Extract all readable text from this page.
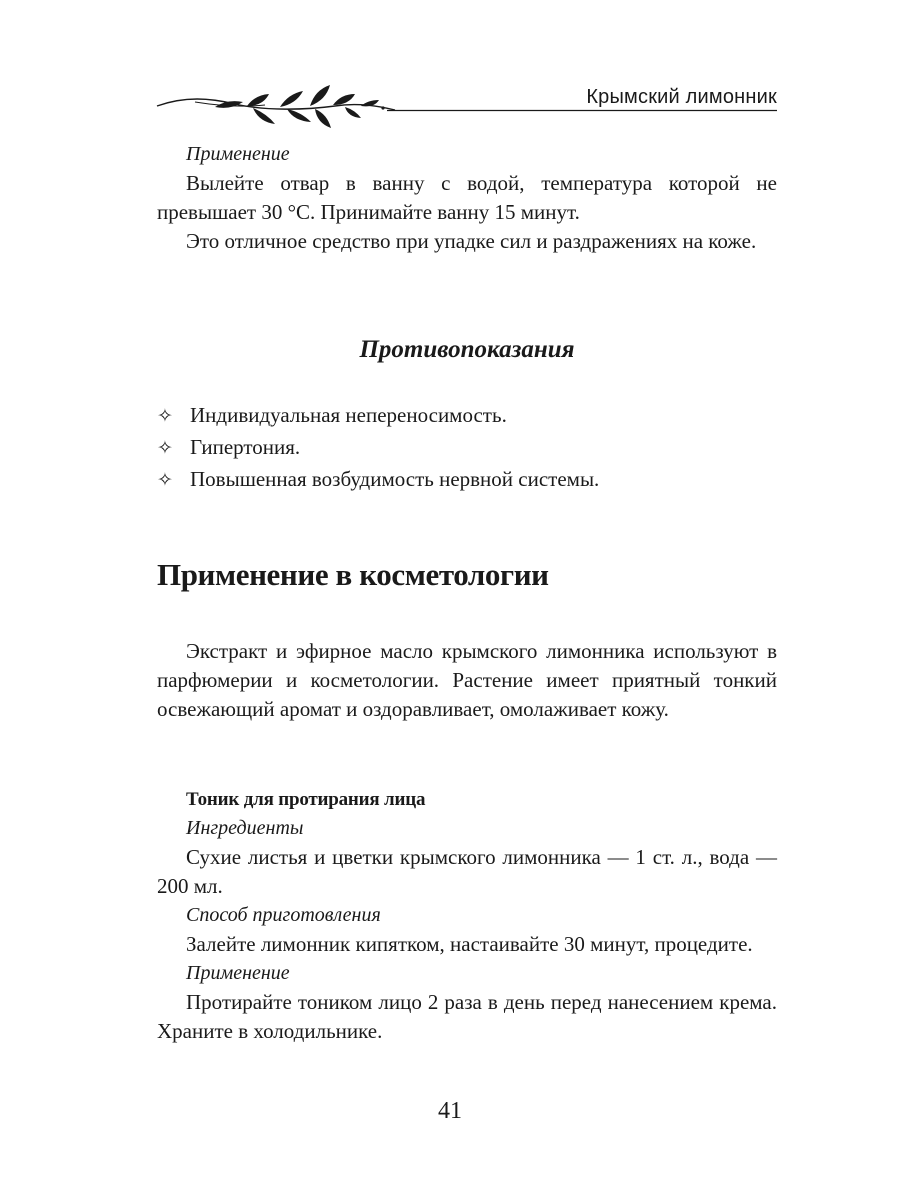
Крымский лимонник

Применение

Вылейте отвар в ванну с водой, температура которой не превышает 30 °С. Принимайте ванну 15 минут.

Это отличное средство при упадке сил и раздражениях на коже.

Противопоказания

✧ Индивидуальная непереносимость.
✧ Гипертония.
✧ Повышенная возбудимость нервной системы.

Применение в косметологии

Экстракт и эфирное масло крымского лимонника используют в парфюмерии и косметологии. Растение имеет приятный тонкий освежающий аромат и оздоравливает, омолаживает кожу.

Тоник для протирания лица

Ингредиенты

Сухие листья и цветки крымского лимонника — 1 ст. л., вода — 200 мл.

Способ приготовления

Залейте лимонник кипятком, настаивайте 30 минут, процедите.

Применение

Протирайте тоником лицо 2 раза в день перед нанесением крема. Храните в холодильнике.

41
